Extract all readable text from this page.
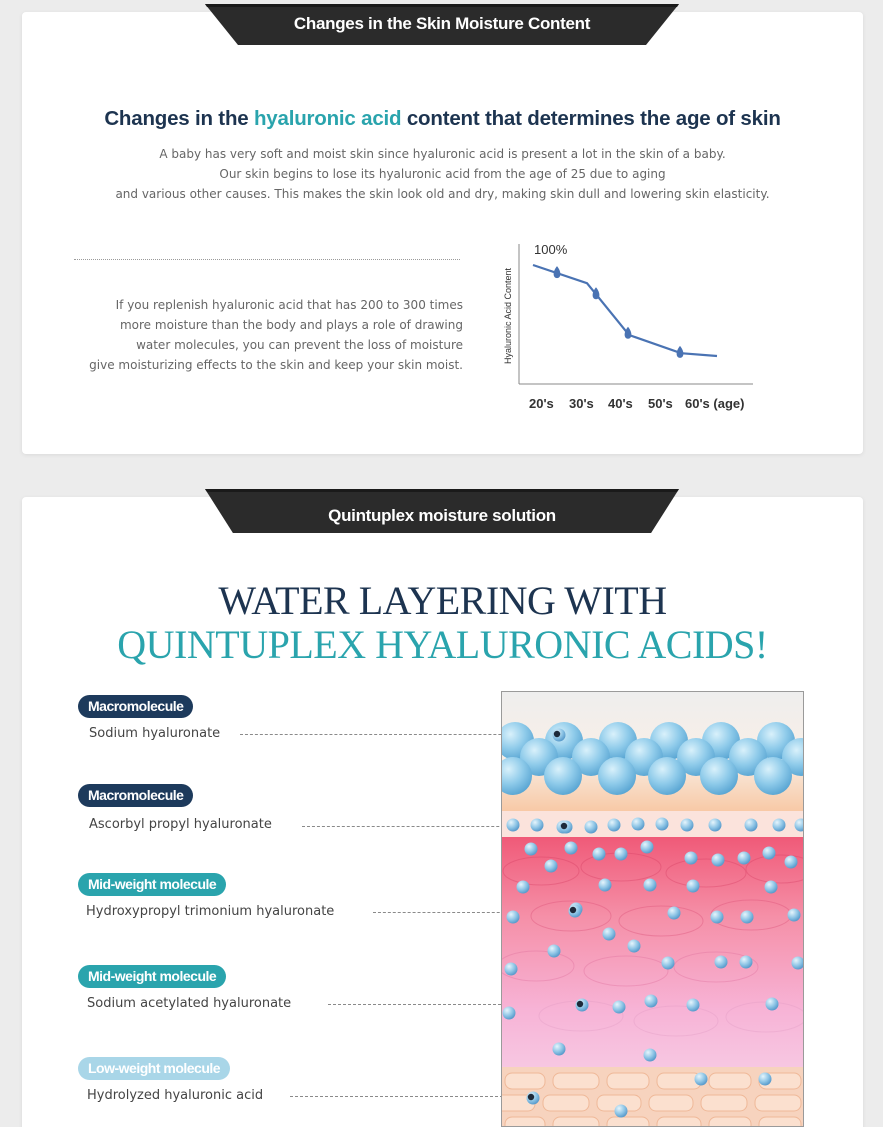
Changes in the Skin Moisture Content
Changes in the hyaluronic acid content that determines the age of skin
A baby has very soft and moist skin since hyaluronic acid is present a lot in the skin of a baby.
Our skin begins to lose its hyaluronic acid from the age of 25 due to aging
and various other causes. This makes the skin look old and dry, making skin dull and lowering skin elasticity.
If you replenish hyaluronic acid that has 200 to 300 times
more moisture than the body and plays a role of drawing
water molecules, you can prevent the loss of moisture
give moisturizing effects to the skin and keep your skin moist.
100%
Hyaluronic Acid Content
20's 30's 40's 50's 60's (age)
Quintuplex moisture solution
WATER LAYERING WITH
QUINTUPLEX HYALURONIC ACIDS!
Macromolecule
Sodium hyaluronate
Macromolecule
Ascorbyl propyl hyaluronate
Mid-weight molecule
Hydroxypropyl trimonium hyaluronate
Mid-weight molecule
Sodium acetylated hyaluronate
Low-weight molecule
Hydrolyzed hyaluronic acid
